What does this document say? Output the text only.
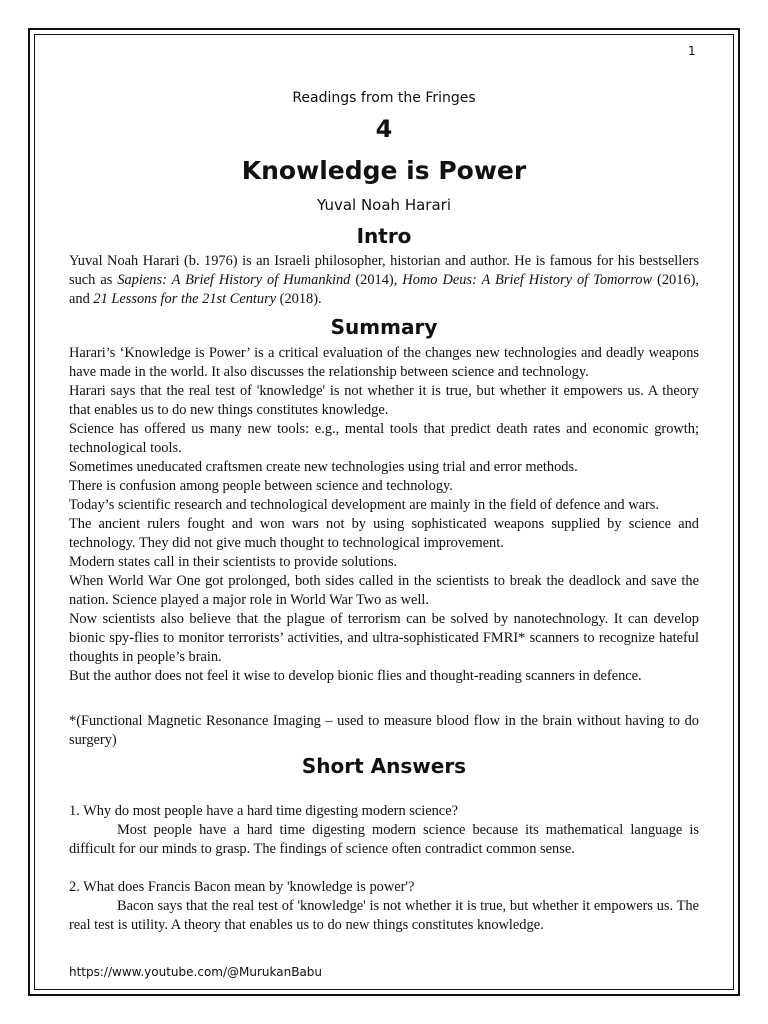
1
Readings from the Fringes
4
Knowledge is Power
Yuval Noah Harari
Intro
Yuval Noah Harari (b. 1976) is an Israeli philosopher, historian and author. He is famous for his bestsellers such as Sapiens: A Brief History of Humankind (2014), Homo Deus: A Brief History of Tomorrow (2016), and 21 Lessons for the 21st Century (2018).
Summary

Harari’s ‘Knowledge is Power’ is a critical evaluation of the changes new technologies and deadly weapons have made in the world. It also discusses the relationship between science and technology.

Harari says that the real test of 'knowledge' is not whether it is true, but whether it empowers us. A theory that enables us to do new things constitutes knowledge.

Science has offered us many new tools: e.g., mental tools that predict death rates and economic growth; technological tools.

Sometimes uneducated craftsmen create new technologies using trial and error methods.

There is confusion among people between science and technology.

Today’s scientific research and technological development are mainly in the field of defence and wars.

The ancient rulers fought and won wars not by using sophisticated weapons supplied by science and technology. They did not give much thought to technological improvement.

Modern states call in their scientists to provide solutions.

When World War One got prolonged, both sides called in the scientists to break the deadlock and save the nation. Science played a major role in World War Two as well.

Now scientists also believe that the plague of terrorism can be solved by nanotechnology. It can develop bionic spy-flies to monitor terrorists’ activities, and ultra-sophisticated FMRI* scanners to recognize hateful thoughts in people’s brain.

But the author does not feel it wise to develop bionic flies and thought-reading scanners in defence.

*(Functional Magnetic Resonance Imaging – used to measure blood flow in the brain without having to do surgery)
Short Answers

1. Why do most people have a hard time digesting modern science?

Most people have a hard time digesting modern science because its mathematical language is difficult for our minds to grasp. The findings of science often contradict common sense.

2. What does Francis Bacon mean by 'knowledge is power'?

Bacon says that the real test of 'knowledge' is not whether it is true, but whether it empowers us. The real test is utility. A theory that enables us to do new things constitutes knowledge.

https://www.youtube.com/@MurukanBabu
